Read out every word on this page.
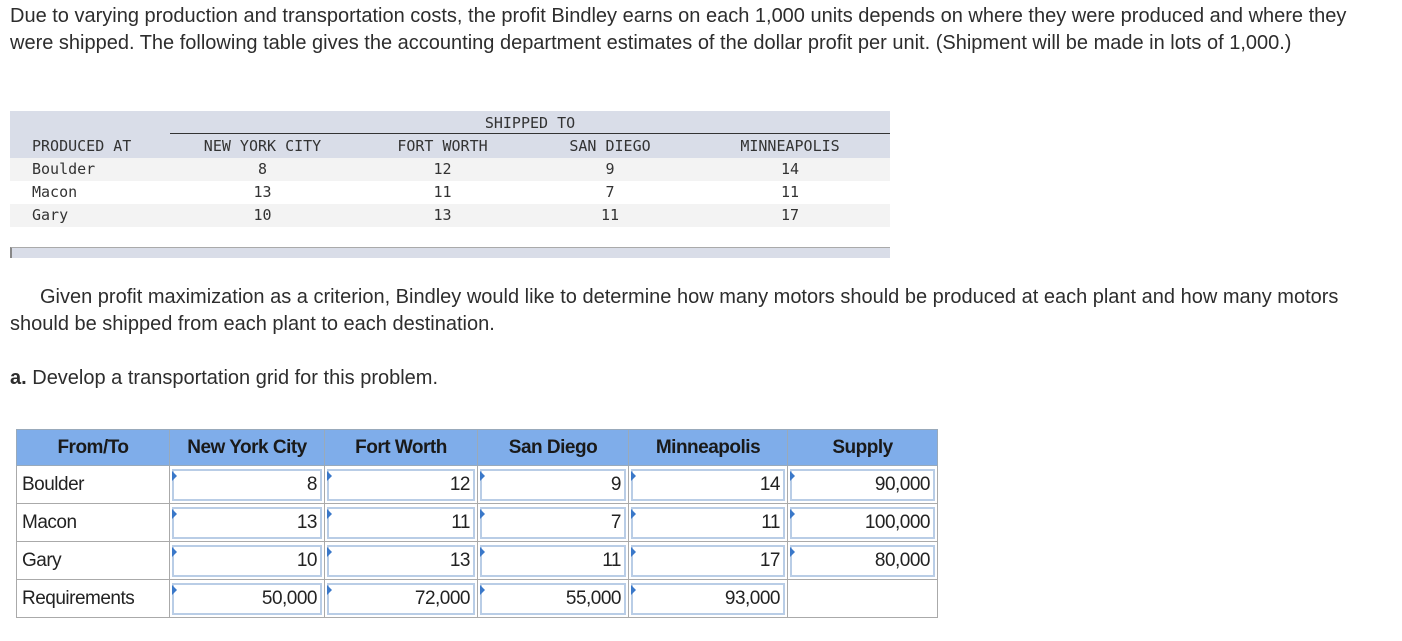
Due to varying production and transportation costs, the profit Bindley earns on each 1,000 units depends on where they were produced and where they were shipped. The following table gives the accounting department estimates of the dollar profit per unit. (Shipment will be made in lots of 1,000.)

SHIPPED TO
PRODUCED AT	NEW YORK CITY	FORT WORTH	SAN DIEGO	MINNEAPOLIS
Boulder	8	12	9	14
Macon	13	11	7	11
Gary	10	13	11	17

Given profit maximization as a criterion, Bindley would like to determine how many motors should be produced at each plant and how many motors should be shipped from each plant to each destination.

a. Develop a transportation grid for this problem.

From/To	New York City	Fort Worth	San Diego	Minneapolis	Supply
Boulder	8	12	9	14	90,000

Macon	13	11	7	11	100,000

Gary	10	13	11	17	80,000

Requirements	50,000	72,000	55,000	93,000	
